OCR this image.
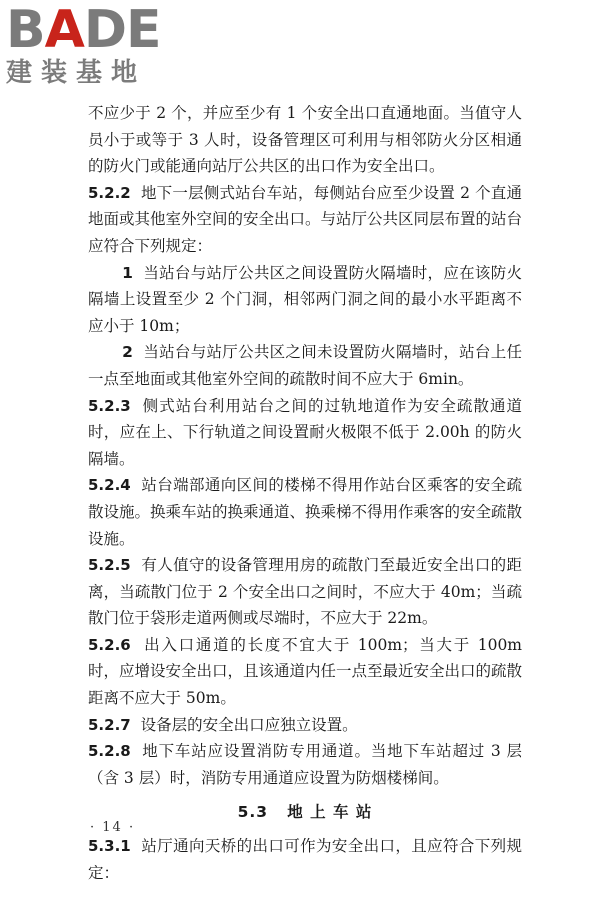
B A DE
建装基地

不应少于 2 个，并应至少有 1 个安全出口直通地面。当值守人员小于或等于 3 人时，设备管理区可利用与相邻防火分区相通的防火门或能通向站厅公共区的出口作为安全出口。

5.2.2 地下一层侧式站台车站，每侧站台应至少设置 2 个直通地面或其他室外空间的安全出口。与站厅公共区同层布置的站台应符合下列规定：

1 当站台与站厅公共区之间设置防火隔墙时，应在该防火隔墙上设置至少 2 个门洞，相邻两门洞之间的最小水平距离不应小于 10m；

2 当站台与站厅公共区之间未设置防火隔墙时，站台上任一点至地面或其他室外空间的疏散时间不应大于 6min。

5.2.3 侧式站台利用站台之间的过轨地道作为安全疏散通道时，应在上、下行轨道之间设置耐火极限不低于 2.00h 的防火隔墙。

5.2.4 站台端部通向区间的楼梯不得用作站台区乘客的安全疏散设施。换乘车站的换乘通道、换乘梯不得用作乘客的安全疏散设施。

5.2.5 有人值守的设备管理用房的疏散门至最近安全出口的距离，当疏散门位于 2 个安全出口之间时，不应大于 40m；当疏散门位于袋形走道两侧或尽端时，不应大于 22m。

5.2.6 出入口通道的长度不宜大于 100m；当大于 100m 时，应增设安全出口，且该通道内任一点至最近安全出口的疏散距离不应大于 50m。

5.2.7 设备层的安全出口应独立设置。

5.2.8 地下车站应设置消防专用通道。当地下车站超过 3 层（含 3 层）时，消防专用通道应设置为防烟楼梯间。

5.3 地 上 车 站

5.3.1 站厅通向天桥的出口可作为安全出口，且应符合下列规定：

· 14 ·
